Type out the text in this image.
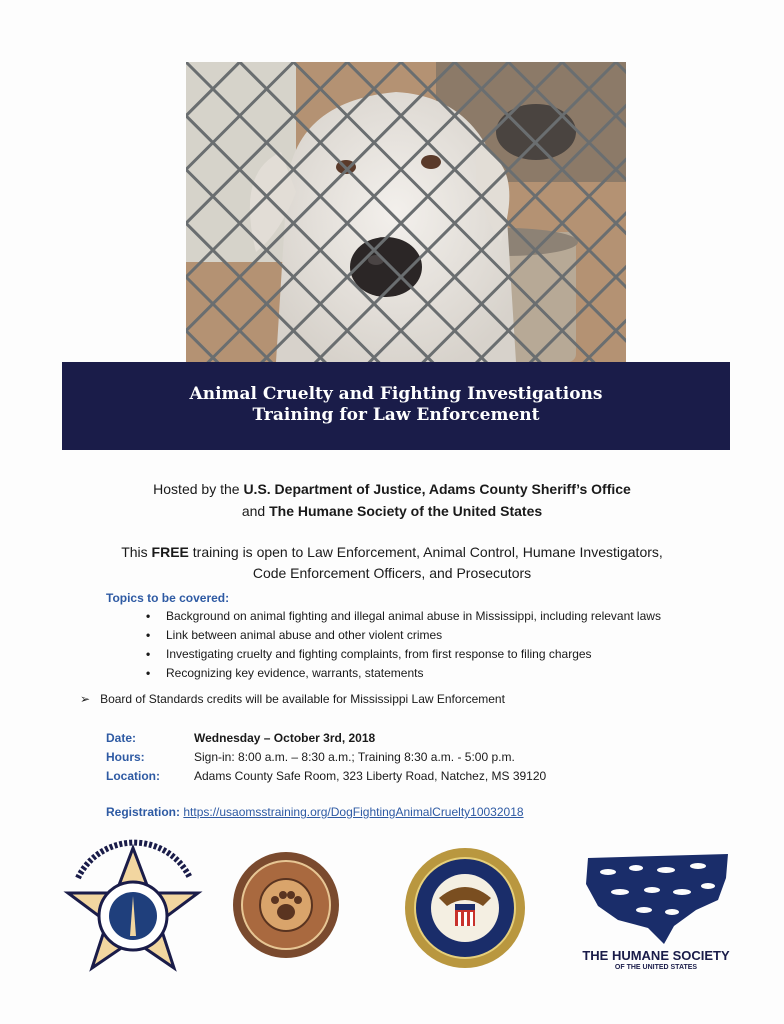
Animal Cruelty and Fighting Investigations
Training for Law Enforcement
Hosted by the U.S. Department of Justice, Adams County Sheriff’s Office
and The Humane Society of the United States
This FREE training is open to Law Enforcement, Animal Control, Humane Investigators,
Code Enforcement Officers, and Prosecutors
Topics to be covered:
• Background on animal fighting and illegal animal abuse in Mississippi, including relevant laws
• Link between animal abuse and other violent crimes
• Investigating cruelty and fighting complaints, from first response to filing charges
• Recognizing key evidence, warrants, statements
➢ Board of Standards credits will be available for Mississippi Law Enforcement
Date:	Wednesday – October 3rd, 2018
Hours:	Sign-in: 8:00 a.m. – 8:30 a.m.; Training 8:30 a.m. - 5:00 p.m.
Location:	Adams County Safe Room, 323 Liberty Road, Natchez, MS 39120
Registration: https://usaomsstraining.org/DogFightingAnimalCruelty10032018
THE HUMANE SOCIETY
OF THE UNITED STATES
